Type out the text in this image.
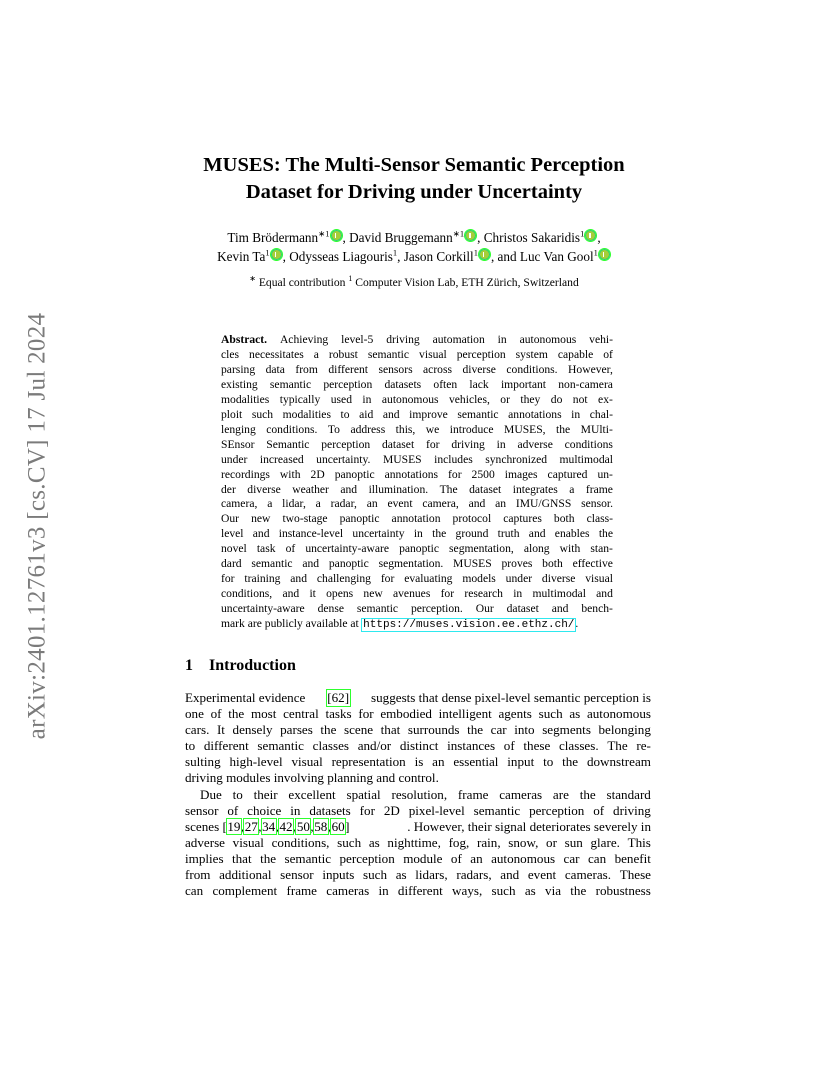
arXiv:2401.12761v3 [cs.CV] 17 Jul 2024
MUSES: The Multi-Sensor Semantic Perception
Dataset for Driving under Uncertainty
Tim Brödermann$^{∗1}$ , David Bruggemann$^{∗1}$ , Christos Sakaridis$^1$ ,
Kevin Ta$^1$ , Odysseas Liagouris$^1$, Jason Corkill$^1$ , and Luc Van Gool$^1$
∗ Equal contribution $^1$ Computer Vision Lab, ETH Zürich, Switzerland
Abstract. Achieving level-5 driving automation in autonomous vehi-
cles necessitates a robust semantic visual perception system capable of
parsing data from different sensors across diverse conditions. However,
existing semantic perception datasets often lack important non-camera
modalities typically used in autonomous vehicles, or they do not ex-
ploit such modalities to aid and improve semantic annotations in chal-
lenging conditions. To address this, we introduce MUSES, the MUlti-
SEnsor Semantic perception dataset for driving in adverse conditions
under increased uncertainty. MUSES includes synchronized multimodal
recordings with 2D panoptic annotations for 2500 images captured un-
der diverse weather and illumination. The dataset integrates a frame
camera, a lidar, a radar, an event camera, and an IMU/GNSS sensor.
Our new two-stage panoptic annotation protocol captures both class-
level and instance-level uncertainty in the ground truth and enables the
novel task of uncertainty-aware panoptic segmentation, along with stan-
dard semantic and panoptic segmentation. MUSES proves both effective
for training and challenging for evaluating models under diverse visual
conditions, and it opens new avenues for research in multimodal and
uncertainty-aware dense semantic perception. Our dataset and bench-
mark are publicly available at https://muses.vision.ee.ethz.ch/.
1 Introduction
Experimental evidence [62] suggests that dense pixel-level semantic perception is
one of the most central tasks for embodied intelligent agents such as autonomous
cars. It densely parses the scene that surrounds the car into segments belonging
to different semantic classes and/or distinct instances of these classes. The re-
sulting high-level visual representation is an essential input to the downstream
driving modules involving planning and control.
Due to their excellent spatial resolution, frame cameras are the standard
sensor of choice in datasets for 2D pixel-level semantic perception of driving
scenes [19,27,34,42,50,58,60]	. However, their signal deteriorates severely in
adverse visual conditions, such as nighttime, fog, rain, snow, or sun glare. This
implies that the semantic perception module of an autonomous car can benefit
from additional sensor inputs such as lidars, radars, and event cameras. These
can complement frame cameras in different ways, such as via the robustness
